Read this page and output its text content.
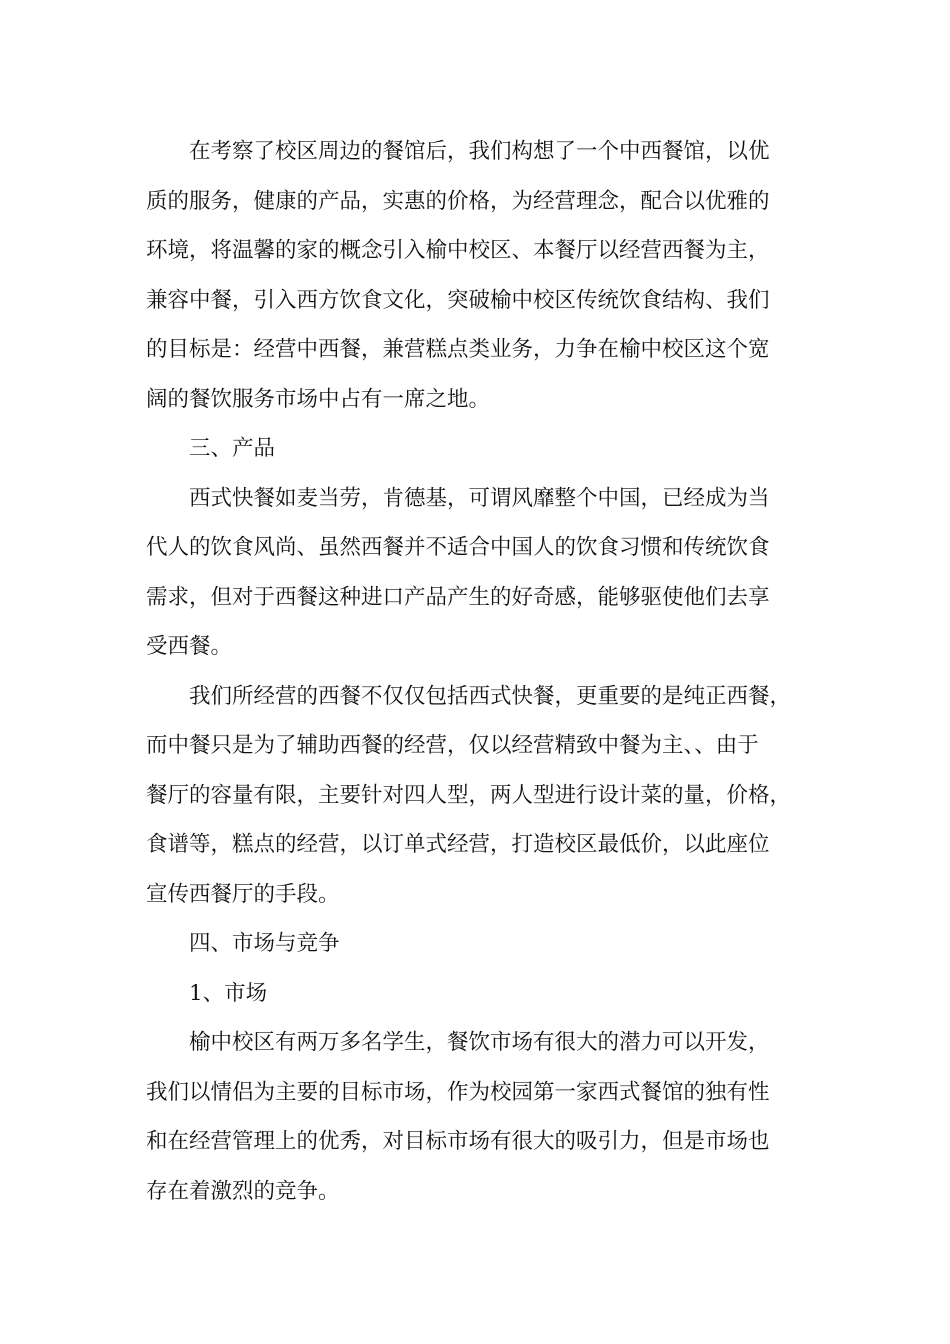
在考察了校区周边的餐馆后，我们构想了一个中西餐馆，以优
质的服务，健康的产品，实惠的价格，为经营理念，配合以优雅的
环境，将温馨的家的概念引入榆中校区、本餐厅以经营西餐为主，
兼容中餐，引入西方饮食文化，突破榆中校区传统饮食结构、我们
的目标是：经营中西餐，兼营糕点类业务，力争在榆中校区这个宽
阔的餐饮服务市场中占有一席之地。

三、产品

西式快餐如麦当劳，肯德基，可谓风靡整个中国，已经成为当
代人的饮食风尚、虽然西餐并不适合中国人的饮食习惯和传统饮食
需求，但对于西餐这种进口产品产生的好奇感，能够驱使他们去享
受西餐。

我们所经营的西餐不仅仅包括西式快餐，更重要的是纯正西餐，
而中餐只是为了辅助西餐的经营，仅以经营精致中餐为主、、由于
餐厅的容量有限，主要针对四人型，两人型进行设计菜的量，价格，
食谱等，糕点的经营，以订单式经营，打造校区最低价，以此座位
宣传西餐厅的手段。

四、市场与竞争

1、市场

榆中校区有两万多名学生，餐饮市场有很大的潜力可以开发，
我们以情侣为主要的目标市场，作为校园第一家西式餐馆的独有性
和在经营管理上的优秀，对目标市场有很大的吸引力，但是市场也
存在着激烈的竞争。
